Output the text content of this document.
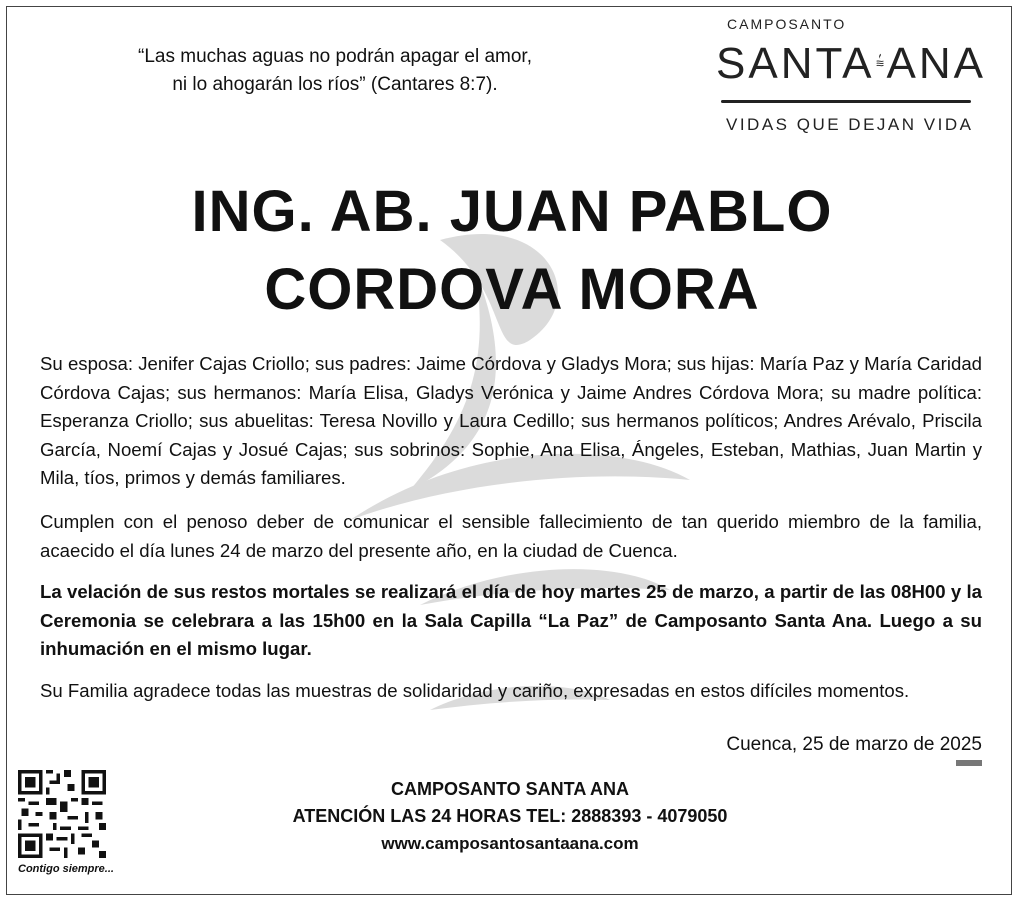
“Las muchas aguas no podrán apagar el amor,
ni lo ahogarán los ríos” (Cantares 8:7).
CAMPOSANTO
SANTA ANA
VIDAS QUE DEJAN VIDA
ING. AB. JUAN PABLO
CORDOVA MORA

Su esposa: Jenifer Cajas Criollo; sus padres: Jaime Córdova y Gladys Mora; sus hijas: María Paz y María Caridad Córdova Cajas; sus hermanos: María Elisa, Gladys Verónica y Jaime Andres Córdova Mora; su madre política: Esperanza Criollo; sus abuelitas: Teresa Novillo y Laura Cedillo; sus hermanos políticos; Andres Arévalo, Priscila García, Noemí Cajas y Josué Cajas; sus sobrinos: Sophie, Ana Elisa, Ángeles, Esteban, Mathias, Juan Martin y Mila, tíos, primos y demás familiares.

Cumplen con el penoso deber de comunicar el sensible fallecimiento de tan querido miembro de la familia, acaecido el día lunes 24 de marzo del presente año, en la ciudad de Cuenca.

La velación de sus restos mortales se realizará el día de hoy martes 25 de marzo, a partir de las 08H00 y la Ceremonia se celebrara a las 15h00 en la Sala Capilla “La Paz” de Camposanto Santa Ana. Luego a su inhumación en el mismo lugar.

Su Familia agradece todas las muestras de solidaridad y cariño, expresadas en estos difíciles momentos.

Cuenca, 25 de marzo de 2025
Contigo siempre...
CAMPOSANTO SANTA ANA
ATENCIÓN LAS 24 HORAS TEL: 2888393 - 4079050
www.camposantosantaana.com
